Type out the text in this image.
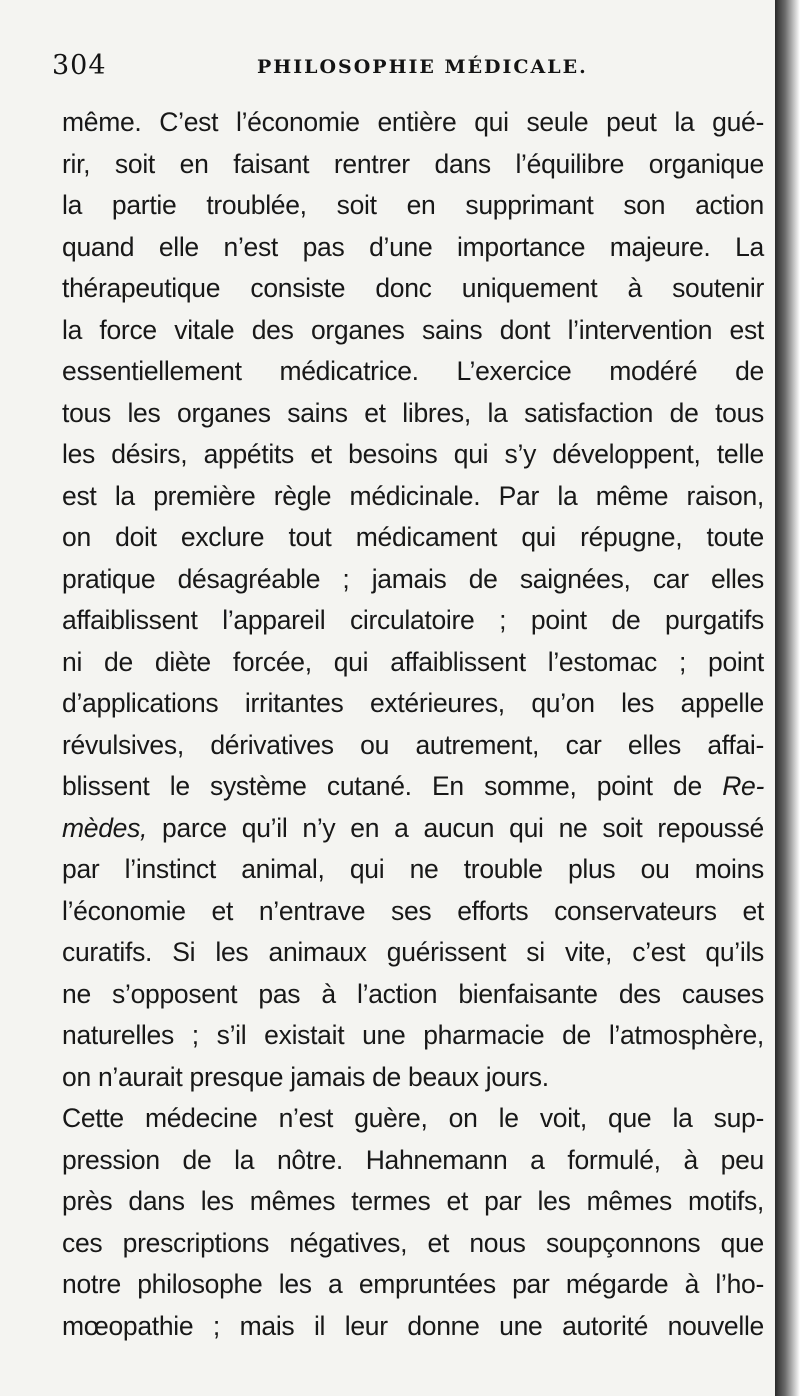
304	PHILOSOPHIE MÉDICALE.
même. C’est l’économie entière qui seule peut la gué-
rir, soit en faisant rentrer dans l’équilibre organique
la partie troublée, soit en supprimant son action
quand elle n’est pas d’une importance majeure. La
thérapeutique consiste donc uniquement à soutenir
la force vitale des organes sains dont l’intervention est
essentiellement médicatrice. L’exercice modéré de
tous les organes sains et libres, la satisfaction de tous
les désirs, appétits et besoins qui s’y développent, telle
est la première règle médicinale. Par la même raison,
on doit exclure tout médicament qui répugne, toute
pratique désagréable ; jamais de saignées, car elles
affaiblissent l’appareil circulatoire ; point de purgatifs
ni de diète forcée, qui affaiblissent l’estomac ; point
d’applications irritantes extérieures, qu’on les appelle
révulsives, dérivatives ou autrement, car elles affai-
blissent le système cutané. En somme, point de Re-
mèdes, parce qu’il n’y en a aucun qui ne soit repoussé
par l’instinct animal, qui ne trouble plus ou moins
l’économie et n’entrave ses efforts conservateurs et
curatifs. Si les animaux guérissent si vite, c’est qu’ils
ne s’opposent pas à l’action bienfaisante des causes
naturelles ; s’il existait une pharmacie de l’atmosphère,
on n’aurait presque jamais de beaux jours.
Cette médecine n’est guère, on le voit, que la sup-
pression de la nôtre. Hahnemann a formulé, à peu
près dans les mêmes termes et par les mêmes motifs,
ces prescriptions négatives, et nous soupçonnons que
notre philosophe les a empruntées par mégarde à l’ho-
mœopathie ; mais il leur donne une autorité nouvelle
